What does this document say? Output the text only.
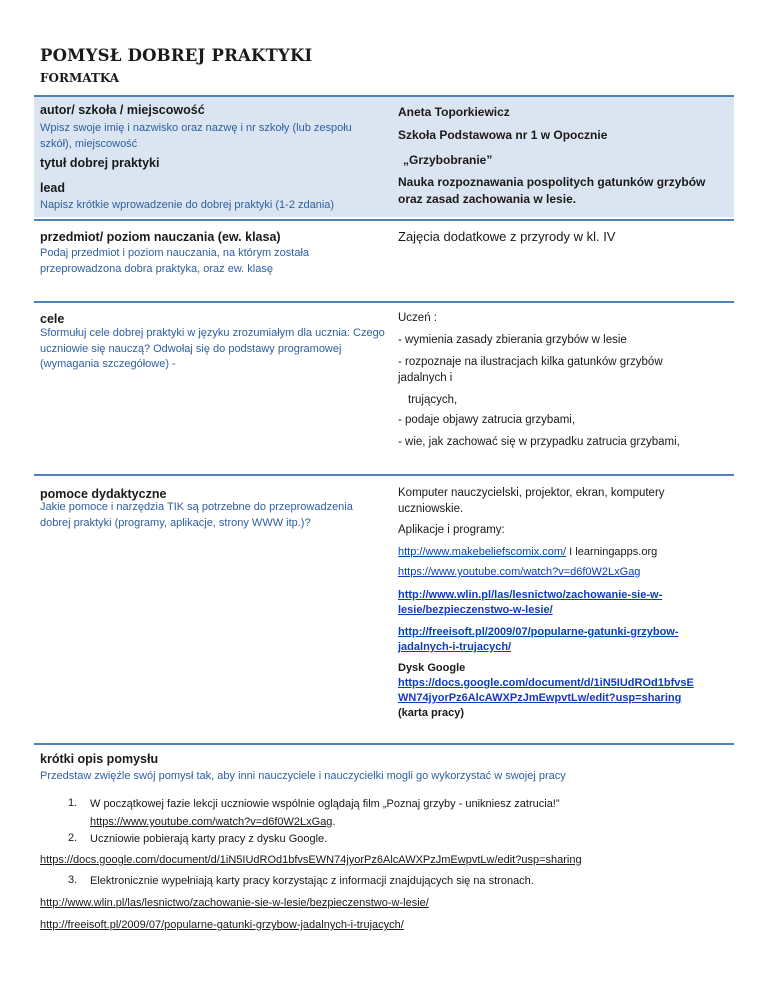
POMYSŁ DOBREJ PRAKTYKI
FORMATKA
autor/ szkoła / miejscowość
Wpisz swoje imię i nazwisko oraz nazwę i nr szkoły (lub zespołu szkół), miejscowość
tytuł dobrej praktyki
lead
Napisz krótkie wprowadzenie do dobrej praktyki (1-2 zdania)
Aneta Toporkiewicz
Szkoła Podstawowa nr 1 w Opocznie
„Grzybobranie”
Nauka rozpoznawania pospolitych gatunków grzybów
oraz zasad zachowania w lesie.
przedmiot/ poziom nauczania (ew. klasa)
Podaj przedmiot i poziom nauczania, na którym została przeprowadzona dobra praktyka, oraz ew. klasę
Zajęcia dodatkowe z przyrody w kl. IV
cele
Sformułuj cele dobrej praktyki w języku zrozumiałym dla ucznia: Czego uczniowie się nauczą? Odwołaj się do podstawy programowej (wymagania szczegółowe) -
Uczeń :
- wymienia zasady zbierania grzybów w lesie
- rozpoznaje na ilustracjach kilka gatunków grzybów jadalnych i
trujących,
- podaje objawy zatrucia grzybami,
- wie, jak zachować się w przypadku zatrucia grzybami,
pomoce dydaktyczne
Jakie pomoce i narzędzia TIK są potrzebne do przeprowadzenia dobrej praktyki (programy, aplikacje, strony WWW itp.)?
Komputer nauczycielski, projektor, ekran, komputery uczniowskie.
Aplikacje i programy:
http://www.makebeliefscomix.com/ I learningapps.org
https://www.youtube.com/watch?v=d6f0W2LxGag
http://www.wlin.pl/las/lesnictwo/zachowanie-sie-w-
lesie/bezpieczenstwo-w-lesie/
http://freeisoft.pl/2009/07/popularne-gatunki-grzybow-
jadalnych-i-trujacych/
Dysk Google
https://docs.google.com/document/d/1iN5IUdROd1bfvsE
WN74jyorPz6AlcAWXPzJmEwpvtLw/edit?usp=sharing
(karta pracy)
krótki opis pomysłu
Przedstaw zwięźle swój pomysł tak, aby inni nauczyciele i nauczycielki mogli go wykorzystać w swojej pracy
1. W początkowej fazie lekcji uczniowie wspólnie oglądają film „Poznaj grzyby - unikniesz zatrucia!”
https://www.youtube.com/watch?v=d6f0W2LxGag.
2. Uczniowie pobierają karty pracy z dysku Google.
https://docs.google.com/document/d/1iN5IUdROd1bfvsEWN74jyorPz6AlcAWXPzJmEwpvtLw/edit?usp=sharing
3. Elektronicznie wypełniają karty pracy korzystając z informacji znajdujących się na stronach.
http://www.wlin.pl/las/lesnictwo/zachowanie-sie-w-lesie/bezpieczenstwo-w-lesie/
http://freeisoft.pl/2009/07/popularne-gatunki-grzybow-jadalnych-i-trujacych/
